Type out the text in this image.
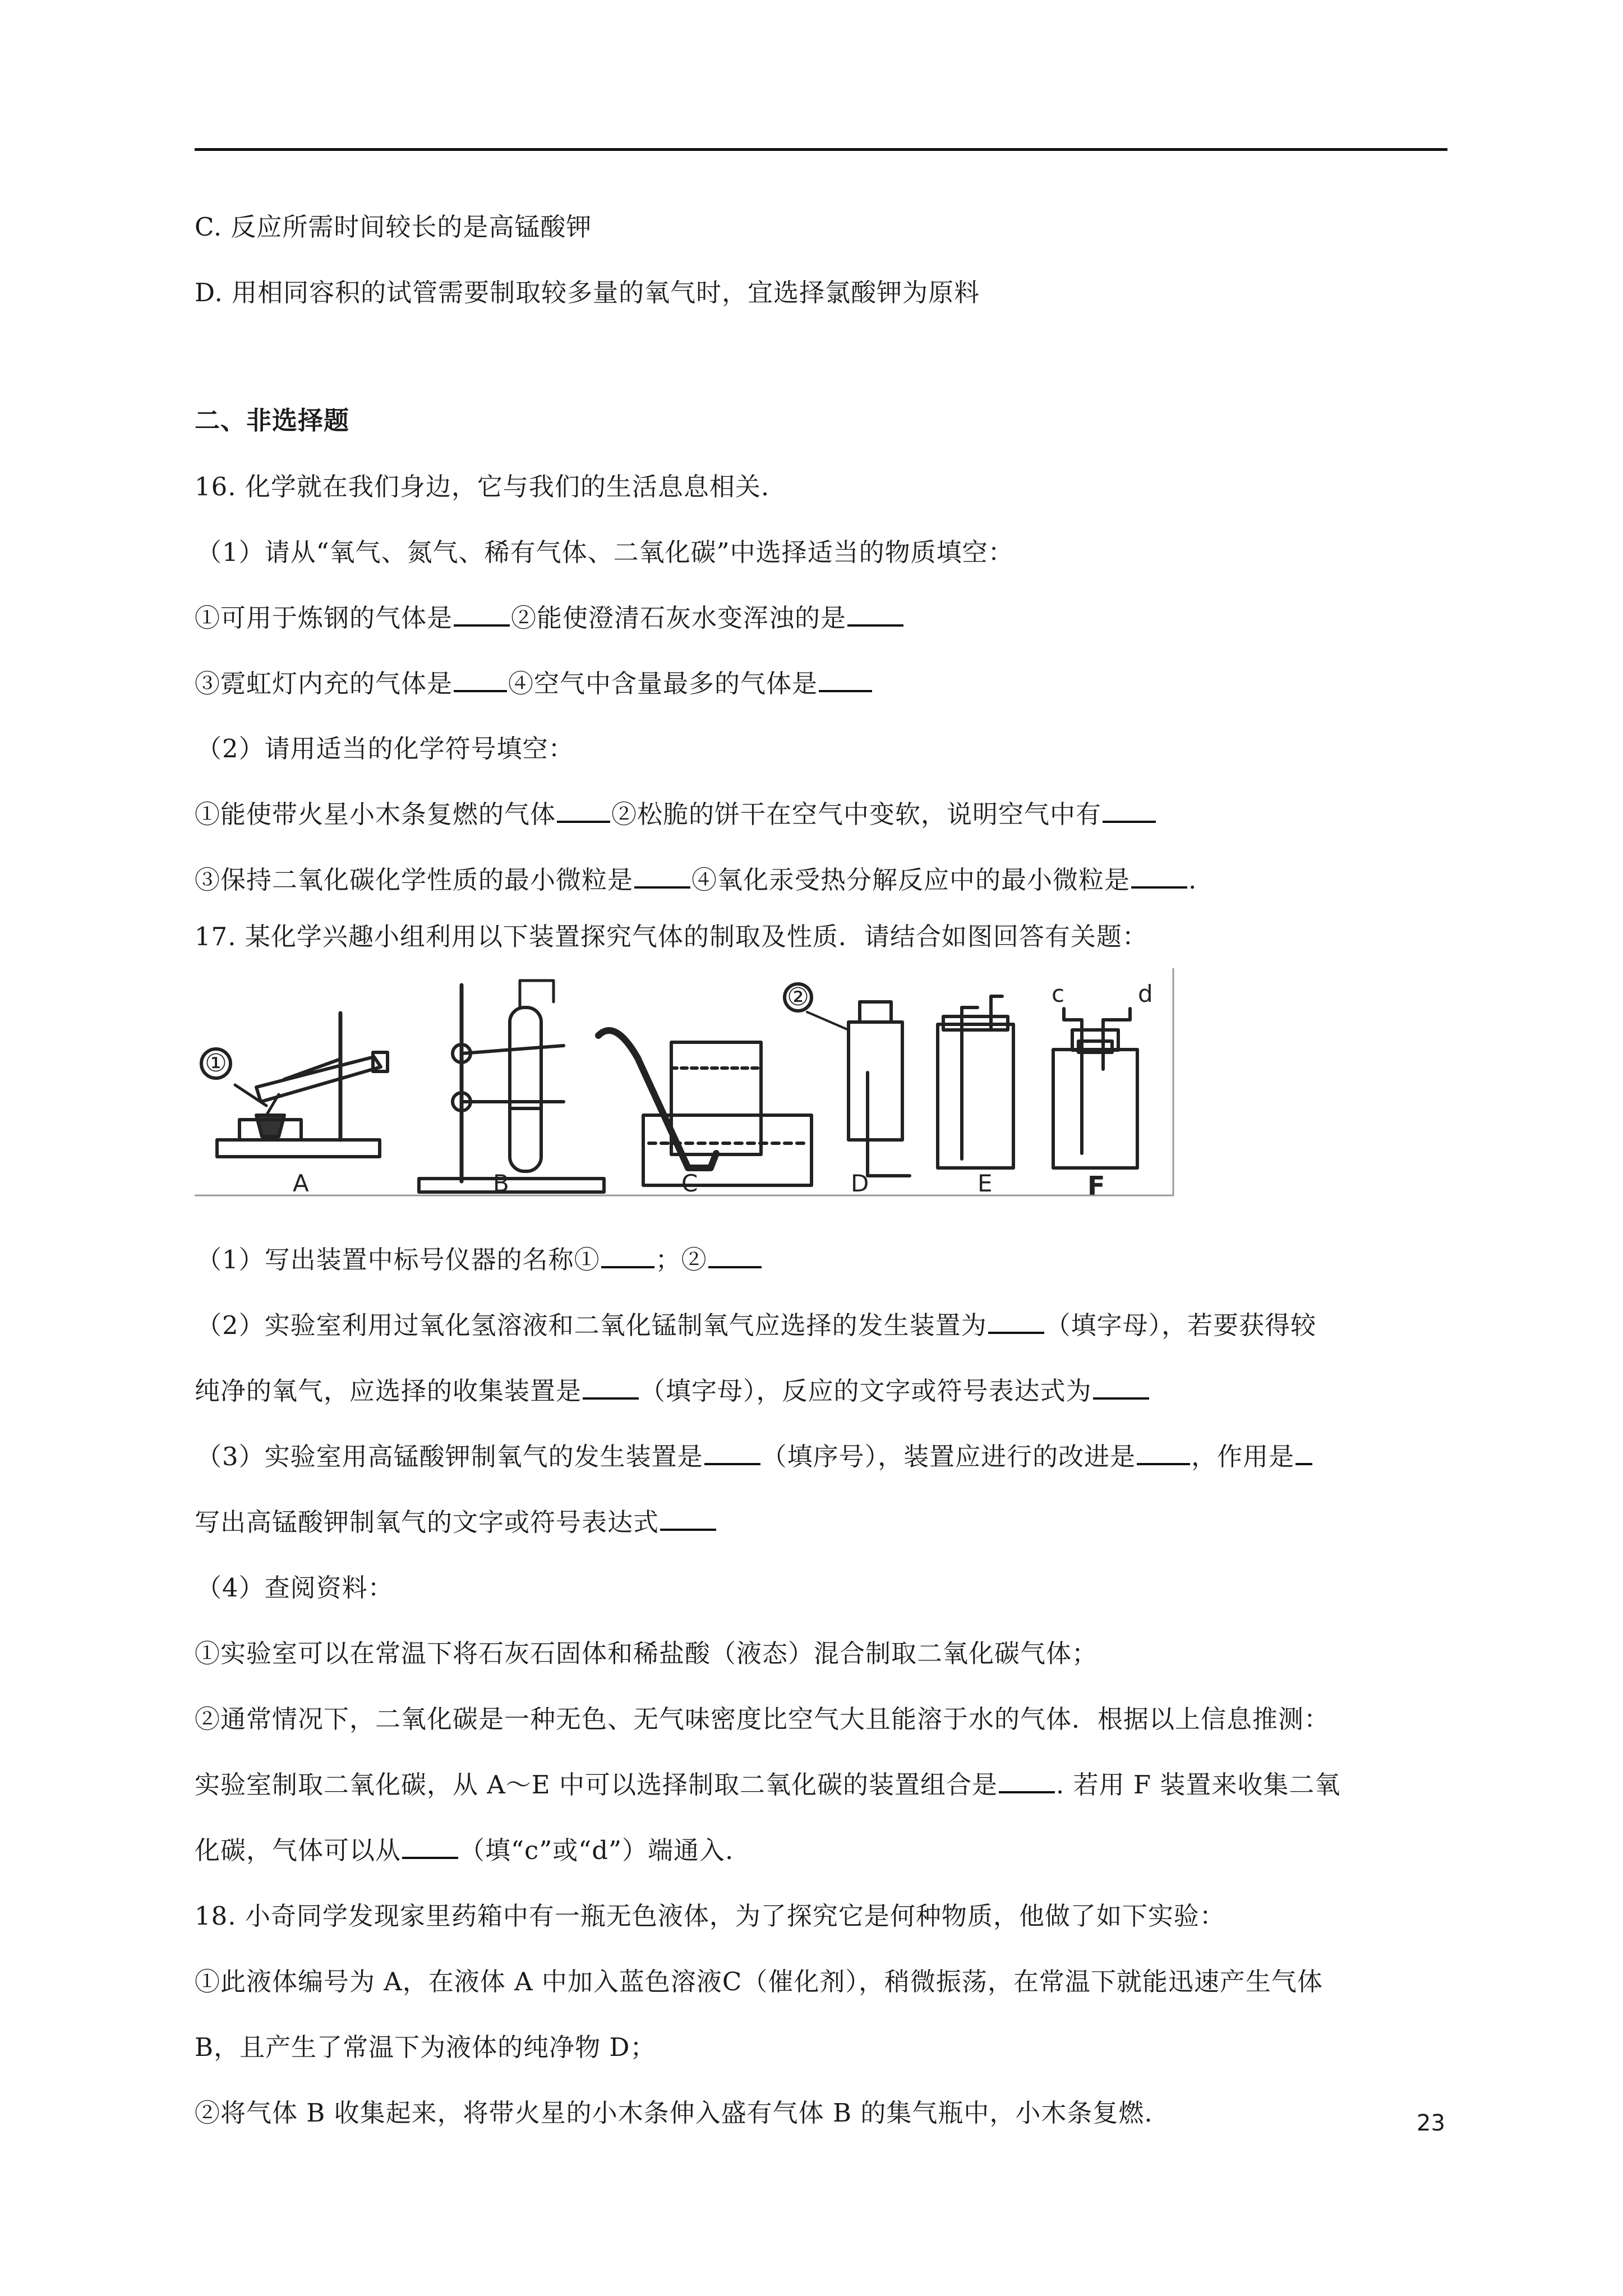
C. 反应所需时间较长的是高锰酸钾
D. 用相同容积的试管需要制取较多量的氧气时，宜选择氯酸钾为原料
二、非选择题
16. 化学就在我们身边，它与我们的生活息息相关.
（1）请从“氧气、氮气、稀有气体、二氧化碳”中选择适当的物质填空：
①可用于炼钢的气体是 ②能使澄清石灰水变浑浊的是
③霓虹灯内充的气体是 ④空气中含量最多的气体是
（2）请用适当的化学符号填空：
①能使带火星小木条复燃的气体 ②松脆的饼干在空气中变软，说明空气中有
③保持二氧化碳化学性质的最小微粒是 ④氧化汞受热分解反应中的最小微粒是 .
17. 某化学兴趣小组利用以下装置探究气体的制取及性质．请结合如图回答有关题：
①
②	c	d
A	B	C	D	E	F
（1）写出装置中标号仪器的名称① ；②
（2）实验室利用过氧化氢溶液和二氧化锰制氧气应选择的发生装置为 （填字母），若要获得较
纯净的氧气，应选择的收集装置是 （填字母），反应的文字或符号表达式为
（3）实验室用高锰酸钾制氧气的发生装置是 （填序号），装置应进行的改进是 ，作用是
写出高锰酸钾制氧气的文字或符号表达式
（4）查阅资料：
①实验室可以在常温下将石灰石固体和稀盐酸（液态）混合制取二氧化碳气体；
②通常情况下，二氧化碳是一种无色、无气味密度比空气大且能溶于水的气体．根据以上信息推测：
实验室制取二氧化碳，从 A～E 中可以选择制取二氧化碳的装置组合是 . 若用 F 装置来收集二氧
化碳，气体可以从 （填“c”或“d”）端通入.
18. 小奇同学发现家里药箱中有一瓶无色液体，为了探究它是何种物质，他做了如下实验：
①此液体编号为 A，在液体 A 中加入蓝色溶液C（催化剂），稍微振荡，在常温下就能迅速产生气体
B，且产生了常温下为液体的纯净物 D；
②将气体 B 收集起来，将带火星的小木条伸入盛有气体 B 的集气瓶中，小木条复燃.	23
